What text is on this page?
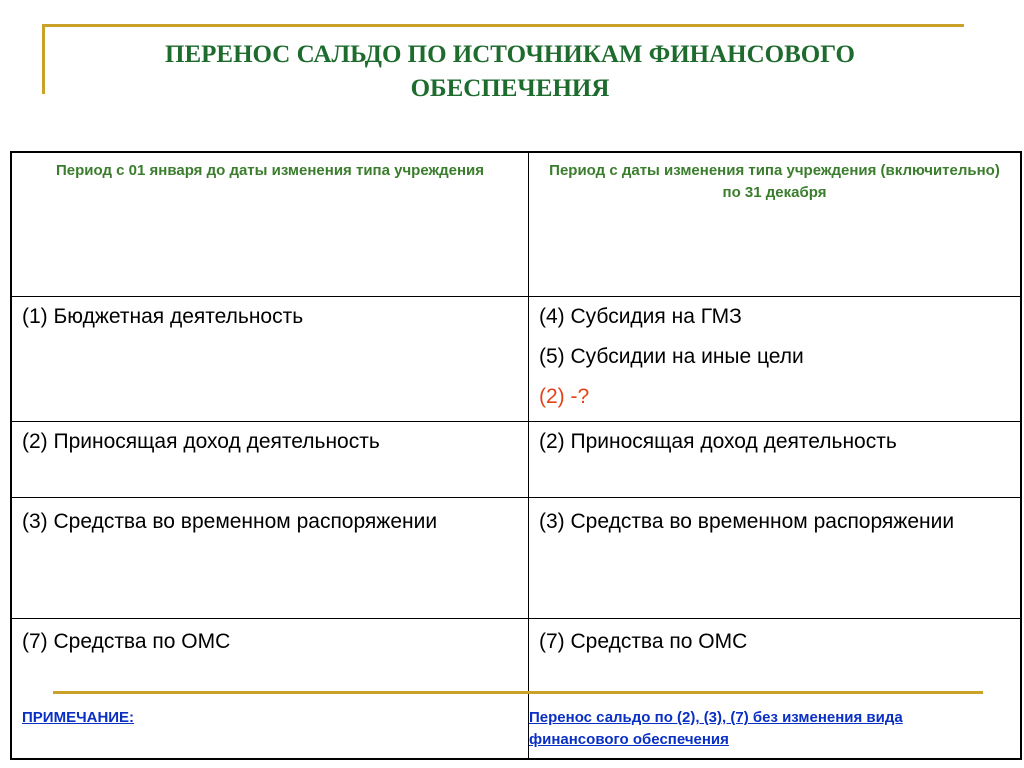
ПЕРЕНОС САЛЬДО ПО ИСТОЧНИКАМ ФИНАНСОВОГО
ОБЕСПЕЧЕНИЯ
Период с 01 января до даты изменения типа учреждения	Период с даты изменения типа учреждения (включительно) по 31 декабря
(1) Бюджетная деятельность	(4) Субсидия на ГМЗ
(5) Субсидии на иные цели
(2) -?
(2) Приносящая доход деятельность	(2) Приносящая доход деятельность
(3) Средства во временном распоряжении	(3) Средства во временном распоряжении
(7) Средства по ОМС	(7) Средства по ОМС
ПРИМЕЧАНИЕ:	Перенос сальдо по (2), (3), (7) без изменения вида финансового обеспечения
